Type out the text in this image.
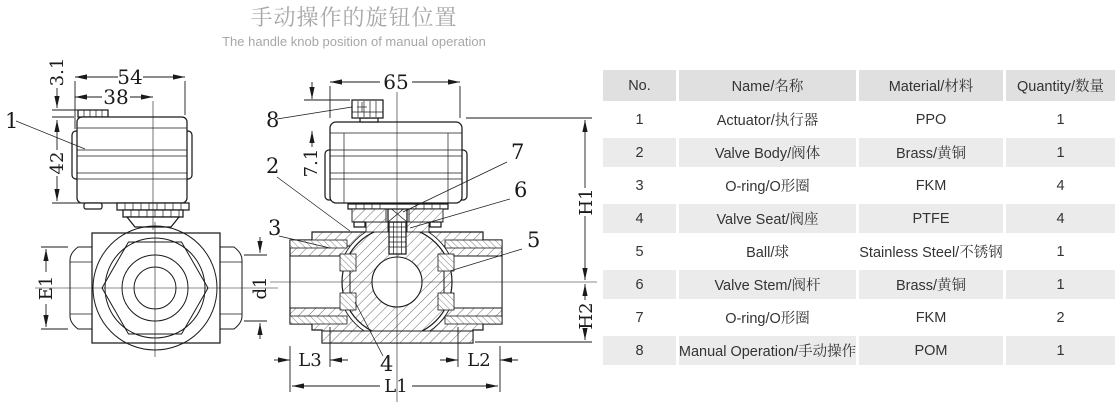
手动操作的旋钮位置
The handle knob position of manual operation
54
38
3.1
42
1
E1	d1
65
7.1
H1
H2
L3	L2
L1
8
2
3
7
6
5
4
No.	Name/名称	Material/材料	Quantity/数量
1	Actuator/执行器	PPO	1
2	Valve Body/阀体	Brass/黄铜	1
3	O-ring/O形圈	FKM	4
4	Valve Seat/阀座	PTFE	4
5	Ball/球	Stainless Steel/不锈钢	1
6	Valve Stem/阀杆	Brass/黄铜	1
7	O-ring/O形圈	FKM	2
8	Manual Operation/手动操作	POM	1
